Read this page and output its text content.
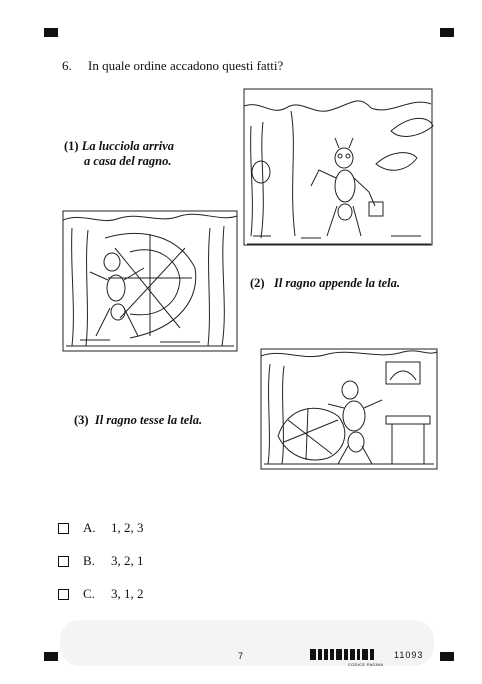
6. In quale ordine accadono questi fatti?
(1) La lucciola arriva
a casa del ragno.
(2) Il ragno appende la tela.
(3) Il ragno tesse la tela.
A.	1, 2, 3
B.	3, 2, 1
C.	3, 1, 2
7
CODICE PAGINA
11093
